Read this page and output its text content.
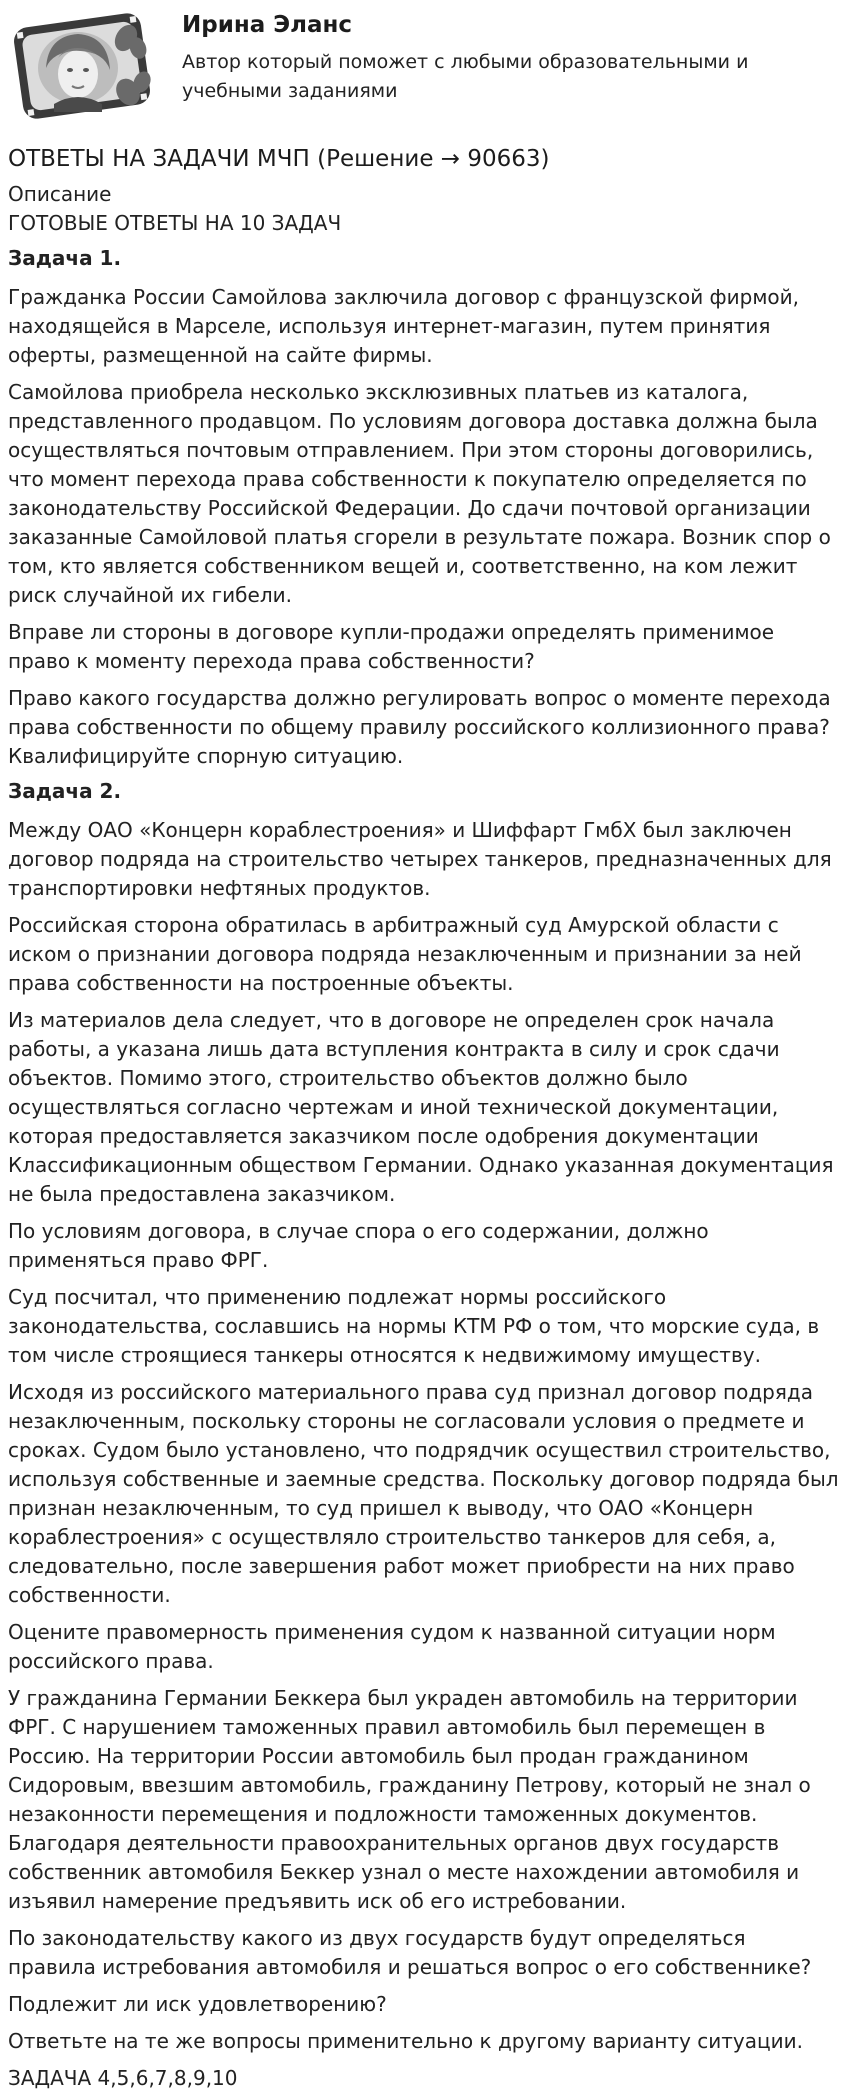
Ирина Эланс
Автор который поможет с любыми образовательными и учебными заданиями
ОТВЕТЫ НА ЗАДАЧИ МЧП (Решение → 90663)
Описание
ГОТОВЫЕ ОТВЕТЫ НА 10 ЗАДАЧ
Задача 1.
Гражданка России Самойлова заключила договор с французской фирмой, находящейся в Марселе, используя интернет-магазин, путем принятия оферты, размещенной на сайте фирмы.
Самойлова приобрела несколько эксклюзивных платьев из каталога, представленного продавцом. По условиям договора доставка должна была осуществляться почтовым отправлением. При этом стороны договорились, что момент перехода права собственности к покупателю определяется по законодательству Российской Федерации. До сдачи почтовой организации заказанные Самойловой платья сгорели в результате пожара. Возник спор о том, кто является собственником вещей и, соответственно, на ком лежит риск случайной их гибели.
Вправе ли стороны в договоре купли-продажи определять применимое право к моменту перехода права собственности?
Право какого государства должно регулировать вопрос о моменте перехода права собственности по общему правилу российского коллизионного права? Квалифицируйте спорную ситуацию.
Задача 2.
Между ОАО «Концерн кораблестроения» и Шиффарт ГмбХ был заключен договор подряда на строительство четырех танкеров, предназначенных для транспортировки нефтяных продуктов.
Российская сторона обратилась в арбитражный суд Амурской области с иском о признании договора подряда незаключенным и признании за ней права собственности на построенные объекты.
Из материалов дела следует, что в договоре не определен срок начала работы, а указана лишь дата вступления контракта в силу и срок сдачи объектов. Помимо этого, строительство объектов должно было осуществляться согласно чертежам и иной технической документации, которая предоставляется заказчиком после одобрения документации Классификационным обществом Германии. Однако указанная документация не была предоставлена заказчиком.
По условиям договора, в случае спора о его содержании, должно применяться право ФРГ.
Суд посчитал, что применению подлежат нормы российского законодательства, сославшись на нормы КТМ РФ о том, что морские суда, в том числе строящиеся танкеры относятся к недвижимому имуществу.
Исходя из российского материального права суд признал договор подряда незаключенным, поскольку стороны не согласовали условия о предмете и сроках. Судом было установлено, что подрядчик осуществил строительство, используя собственные и заемные средства. Поскольку договор подряда был признан незаключенным, то суд пришел к выводу, что ОАО «Концерн кораблестроения» с осуществляло строительство танкеров для себя, а, следовательно, после завершения работ может приобрести на них право собственности.
Оцените правомерность применения судом к названной ситуации норм российского права.
У гражданина Германии Беккера был украден автомобиль на территории ФРГ. С нарушением таможенных правил автомобиль был перемещен в Россию. На территории России автомобиль был продан гражданином Сидоровым, ввезшим автомобиль, гражданину Петрову, который не знал о незаконности перемещения и подложности таможенных документов. Благодаря деятельности правоохранительных органов двух государств собственник автомобиля Беккер узнал о месте нахождении автомобиля и изъявил намерение предъявить иск об его истребовании.
По законодательству какого из двух государств будут определяться правила истребования автомобиля и решаться вопрос о его собственнике?
Подлежит ли иск удовлетворению?
Ответьте на те же вопросы применительно к другому варианту ситуации.
ЗАДАЧА 4,5,6,7,8,9,10
